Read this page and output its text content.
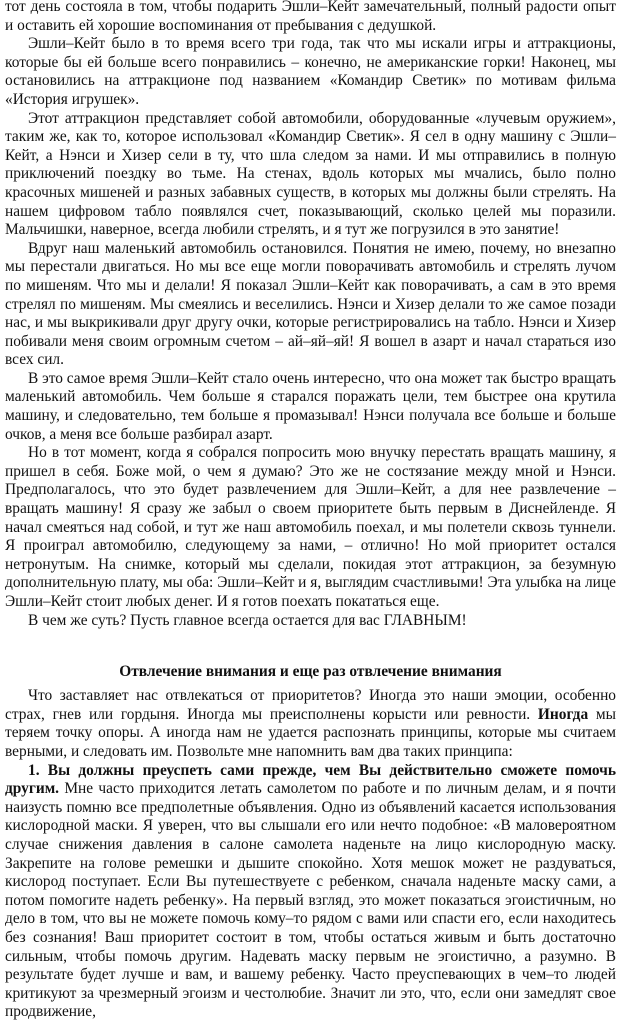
тот день состояла в том, чтобы подарить Эшли–Кейт замечательный, полный радости опыт и оставить ей хорошие воспоминания от пребывания с дедушкой.

Эшли–Кейт было в то время всего три года, так что мы искали игры и аттракционы, которые бы ей больше всего понравились – конечно, не американские горки! Наконец, мы остановились на аттракционе под названием «Командир Светик» по мотивам фильма «История игрушек».

Этот аттракцион представляет собой автомобили, оборудованные «лучевым оружием», таким же, как то, которое использовал «Командир Светик». Я сел в одну машину с Эшли–Кейт, а Нэнси и Хизер сели в ту, что шла следом за нами. И мы отправились в полную приключений поездку во тьме. На стенах, вдоль которых мы мчались, было полно красочных мишеней и разных забавных существ, в которых мы должны были стрелять. На нашем цифровом табло появлялся счет, показывающий, сколько целей мы поразили. Мальчишки, наверное, всегда любили стрелять, и я тут же погрузился в это занятие!

Вдруг наш маленький автомобиль остановился. Понятия не имею, почему, но внезапно мы перестали двигаться. Но мы все еще могли поворачивать автомобиль и стрелять лучом по мишеням. Что мы и делали! Я показал Эшли–Кейт как поворачивать, а сам в это время стрелял по мишеням. Мы смеялись и веселились. Нэнси и Хизер делали то же самое позади нас, и мы выкрикивали друг другу очки, которые регистрировались на табло. Нэнси и Хизер побивали меня своим огромным счетом – ай–яй–яй! Я вошел в азарт и начал стараться изо всех сил.

В это самое время Эшли–Кейт стало очень интересно, что она может так быстро вращать маленький автомобиль. Чем больше я старался поражать цели, тем быстрее она крутила машину, и следовательно, тем больше я промазывал! Нэнси получала все больше и больше очков, а меня все больше разбирал азарт.

Но в тот момент, когда я собрался попросить мою внучку перестать вращать машину, я пришел в себя. Боже мой, о чем я думаю? Это же не состязание между мной и Нэнси. Предполагалось, что это будет развлечением для Эшли–Кейт, а для нее развлечение – вращать машину! Я сразу же забыл о своем приоритете быть первым в Диснейленде. Я начал смеяться над собой, и тут же наш автомобиль поехал, и мы полетели сквозь туннели. Я проиграл автомобилю, следующему за нами, – отлично! Но мой приоритет остался нетронутым. На снимке, который мы сделали, покидая этот аттракцион, за безумную дополнительную плату, мы оба: Эшли–Кейт и я, выглядим счастливыми! Эта улыбка на лице Эшли–Кейт стоит любых денег. И я готов поехать покататься еще.

В чем же суть? Пусть главное всегда остается для вас ГЛАВНЫМ!

Отвлечение внимания и еще раз отвлечение внимания

Что заставляет нас отвлекаться от приоритетов? Иногда это наши эмоции, особенно страх, гнев или гордыня. Иногда мы преисполнены корысти или ревности. Иногда мы теряем точку опоры. А иногда нам не удается распознать принципы, которые мы считаем верными, и следовать им. Позвольте мне напомнить вам два таких принципа:

1. Вы должны преуспеть сами прежде, чем Вы действительно сможете помочь другим. Мне часто приходится летать самолетом по работе и по личным делам, и я почти наизусть помню все предполетные объявления. Одно из объявлений касается использования кислородной маски. Я уверен, что вы слышали его или нечто подобное: «В маловероятном случае снижения давления в салоне самолета наденьте на лицо кислородную маску. Закрепите на голове ремешки и дышите спокойно. Хотя мешок может не раздуваться, кислород поступает. Если Вы путешествуете с ребенком, сначала наденьте маску сами, а потом помогите надеть ребенку». На первый взгляд, это может показаться эгоистичным, но дело в том, что вы не можете помочь кому–то рядом с вами или спасти его, если находитесь без сознания! Ваш приоритет состоит в том, чтобы остаться живым и быть достаточно сильным, чтобы помочь другим. Надевать маску первым не эгоистично, а разумно. В результате будет лучше и вам, и вашему ребенку. Часто преуспевающих в чем–то людей критикуют за чрезмерный эгоизм и честолюбие. Значит ли это, что, если они замедлят свое продвижение,
